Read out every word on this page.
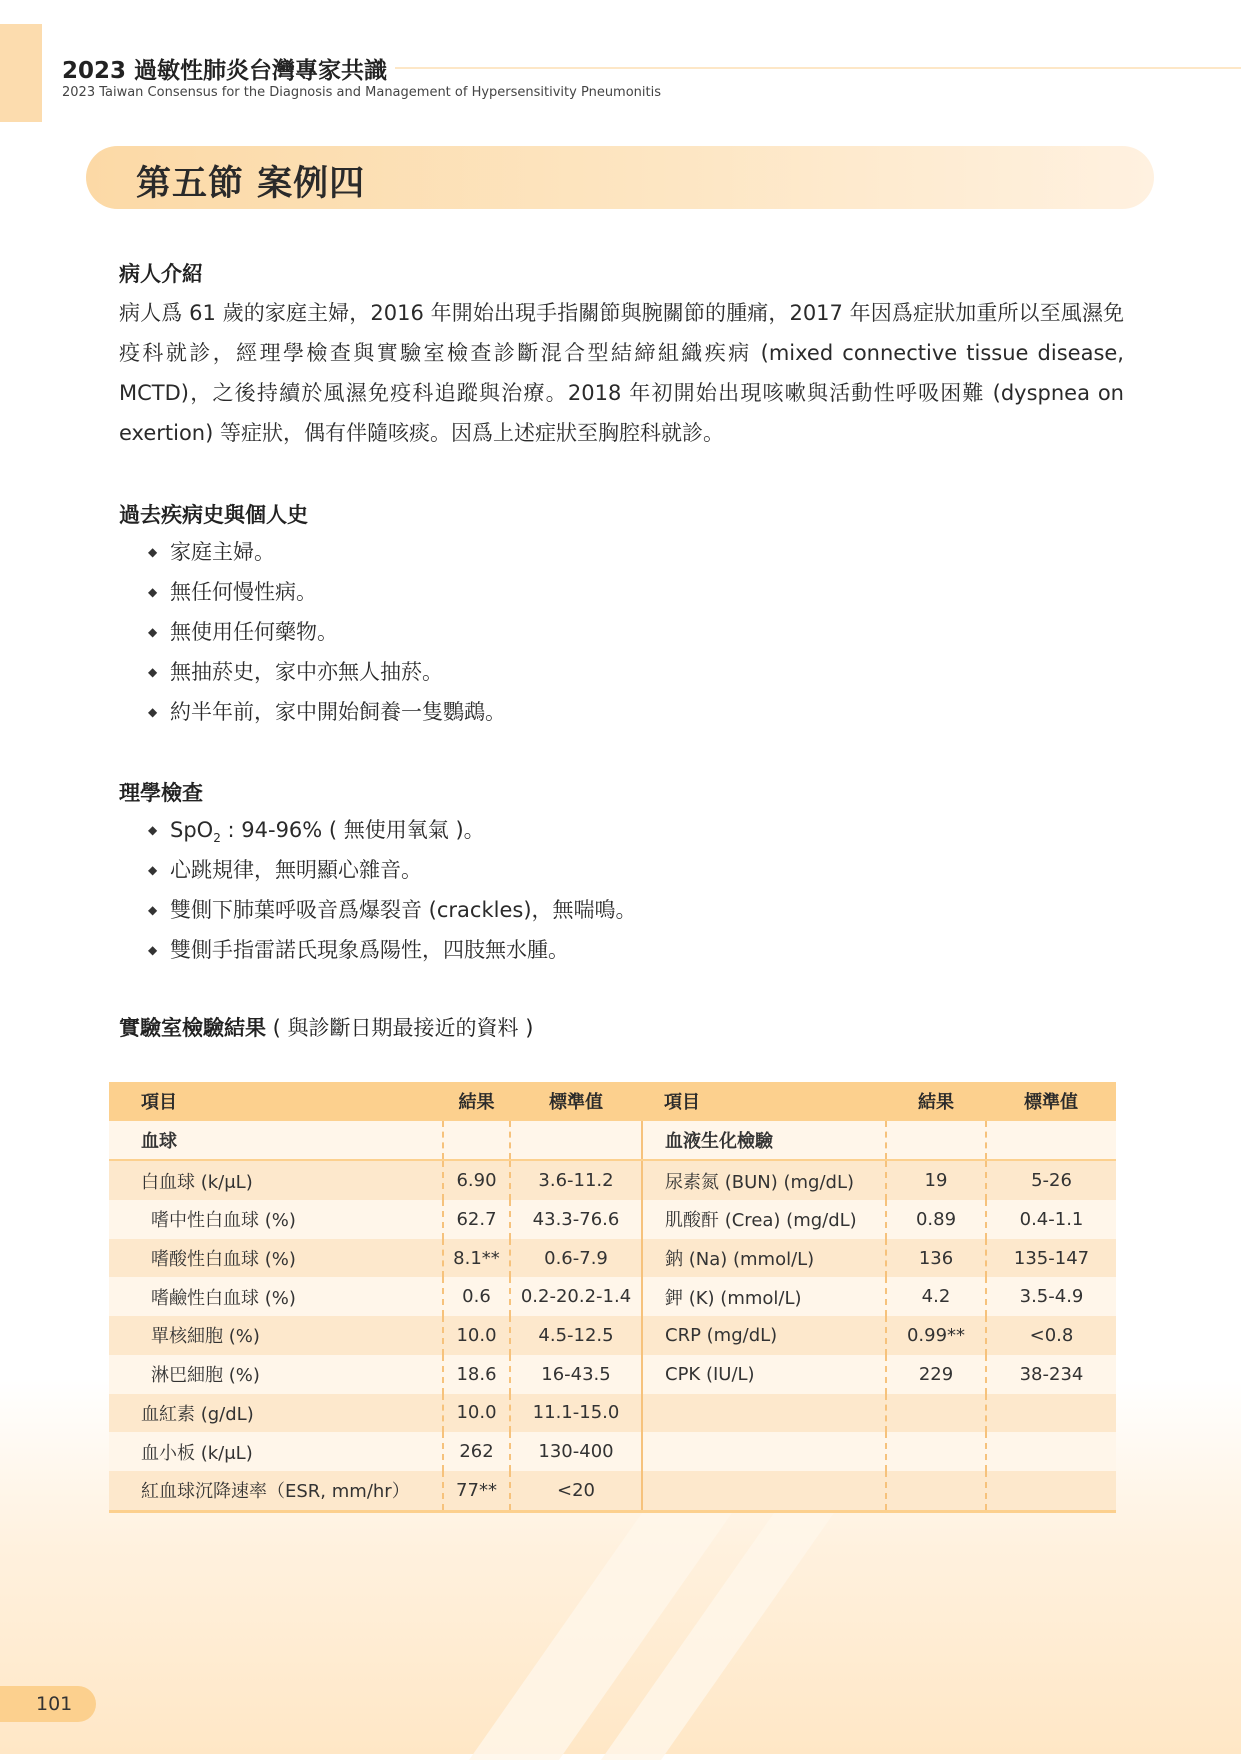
2023 過敏性肺炎台灣專家共識
2023 Taiwan Consensus for the Diagnosis and Management of Hypersensitivity Pneumonitis
第五節 案例四
病人介紹

病人爲 61 歲的家庭主婦，2016 年開始出現手指關節與腕關節的腫痛，2017 年因爲症狀加重所以至風濕免疫科就診，經理學檢查與實驗室檢查診斷混合型結締組織疾病 (mixed connective tissue disease, MCTD)，之後持續於風濕免疫科追蹤與治療。2018 年初開始出現咳嗽與活動性呼吸困難 (dyspnea on exertion) 等症狀，偶有伴隨咳痰。因爲上述症狀至胸腔科就診。

過去疾病史與個人史
◆ 家庭主婦。
◆ 無任何慢性病。
◆ 無使用任何藥物。
◆ 無抽菸史，家中亦無人抽菸。
◆ 約半年前，家中開始飼養一隻鸚鵡。
理學檢查
◆ SpO$_2$ : 94-96% ( 無使用氧氣 )。
◆ 心跳規律，無明顯心雜音。
◆ 雙側下肺葉呼吸音爲爆裂音 (crackles)，無喘鳴。
◆ 雙側手指雷諾氏現象爲陽性，四肢無水腫。
實驗室檢驗結果 ( 與診斷日期最接近的資料 )
項目	結果	標準值	項目	結果	標準值
血球			血液生化檢驗		
白血球 (k/μL)	6.90	3.6-11.2	尿素氮 (BUN) (mg/dL)	19	5-26
嗜中性白血球 (%)	62.7	43.3-76.6	肌酸酐 (Crea) (mg/dL)	0.89	0.4-1.1
嗜酸性白血球 (%)	8.1**	0.6-7.9	鈉 (Na) (mmol/L)	136	135-147
嗜鹼性白血球 (%)	0.6	0.2-20.2-1.4	鉀 (K) (mmol/L)	4.2	3.5-4.9
單核細胞 (%)	10.0	4.5-12.5	CRP (mg/dL)	0.99**	<0.8
淋巴細胞 (%)	18.6	16-43.5	CPK (IU/L)	229	38-234
血紅素 (g/dL)	10.0	11.1-15.0			
血小板 (k/μL)	262	130-400			
紅血球沉降速率（ESR, mm/hr）	77**	<20			
101
